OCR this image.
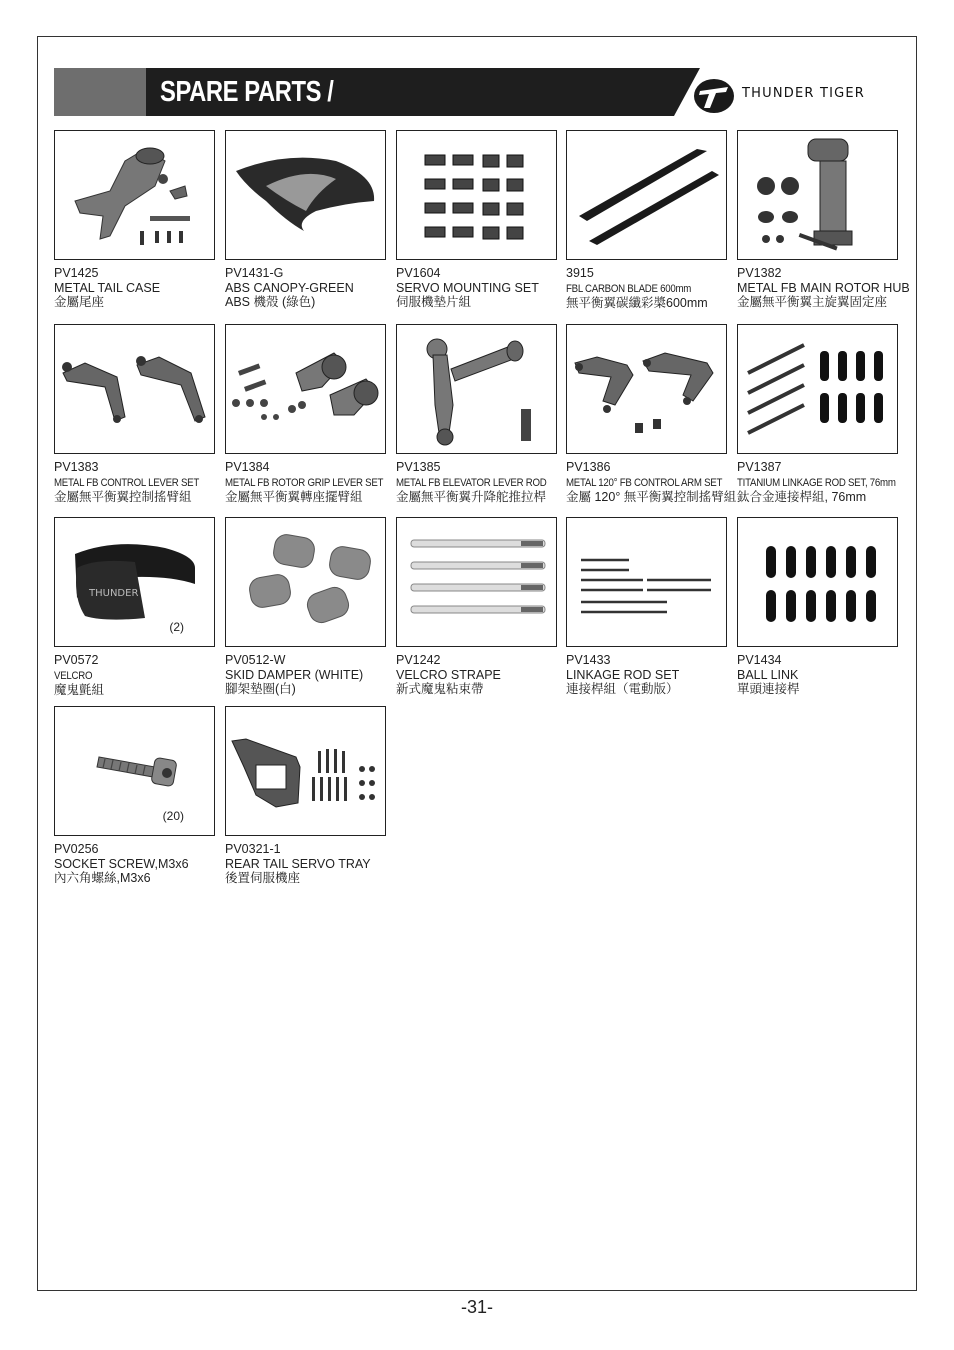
SPARE PARTS /	THUNDER TIGER
PV1425
METAL TAIL CASE
金屬尾座
PV1431-G
ABS CANOPY-GREEN
ABS 機殼 (綠色)
PV1604
SERVO MOUNTING SET
伺服機墊片組
3915
FBL CARBON BLADE 600mm
無平衡翼碳纖彩槳600mm
PV1382
METAL FB MAIN ROTOR HUB
金屬無平衡翼主旋翼固定座
PV1383
METAL FB CONTROL LEVER SET
金屬無平衡翼控制搖臂組
PV1384
METAL FB ROTOR GRIP LEVER SET
金屬無平衡翼轉座擺臂組
PV1385
METAL FB ELEVATOR LEVER ROD
金屬無平衡翼升降舵推拉桿
PV1386
METAL 120° FB CONTROL ARM SET
金屬 120° 無平衡翼控制搖臂組
PV1387
TITANIUM LINKAGE ROD SET, 76mm
鈦合金連接桿組, 76mm
THUNDER
(2)
PV0572
VELCRO
魔鬼氈組
PV0512-W
SKID DAMPER (WHITE)
腳架墊圈(白)
PV1242
VELCRO STRAPE
新式魔鬼粘束帶
PV1433
LINKAGE ROD SET
連接桿組（電動版）
PV1434
BALL LINK
單頭連接桿
(20)
PV0256
SOCKET SCREW,M3x6
內六角螺絲,M3x6
PV0321-1
REAR TAIL SERVO TRAY
後置伺服機座
-31-
